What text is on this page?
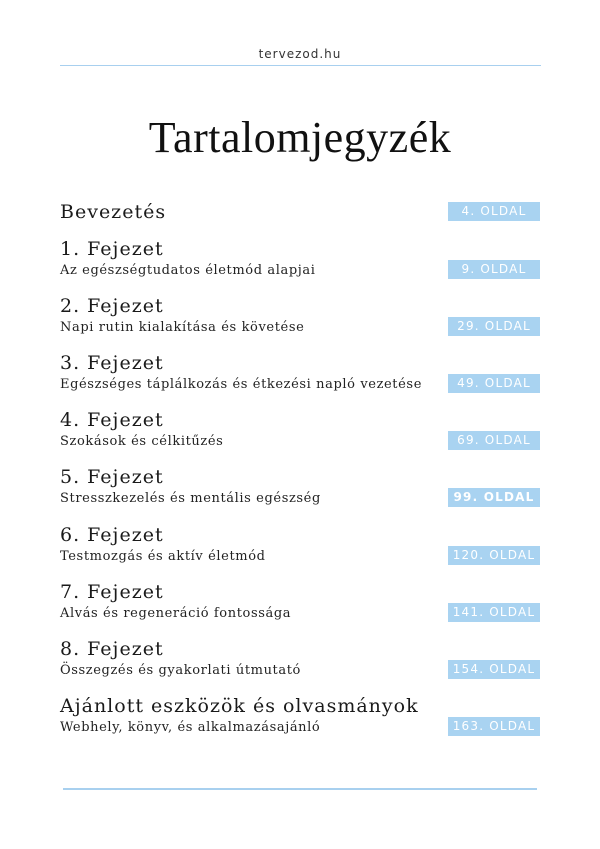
tervezod.hu
Tartalomjegyzék
Bevezetés	4. OLDAL
1. Fejezet
Az egészségtudatos életmód alapjai	9. OLDAL
2. Fejezet
Napi rutin kialakítása és követése	29. OLDAL
3. Fejezet
Egészséges táplálkozás és étkezési napló vezetése	49. OLDAL
4. Fejezet
Szokások és célkitűzés	69. OLDAL
5. Fejezet
Stresszkezelés és mentális egészség	99. OLDAL
6. Fejezet
Testmozgás és aktív életmód	120. OLDAL
7. Fejezet
Alvás és regeneráció fontossága	141. OLDAL
8. Fejezet
Összegzés és gyakorlati útmutató	154. OLDAL
Ajánlott eszközök és olvasmányok
Webhely, könyv, és alkalmazásajánló	163. OLDAL
